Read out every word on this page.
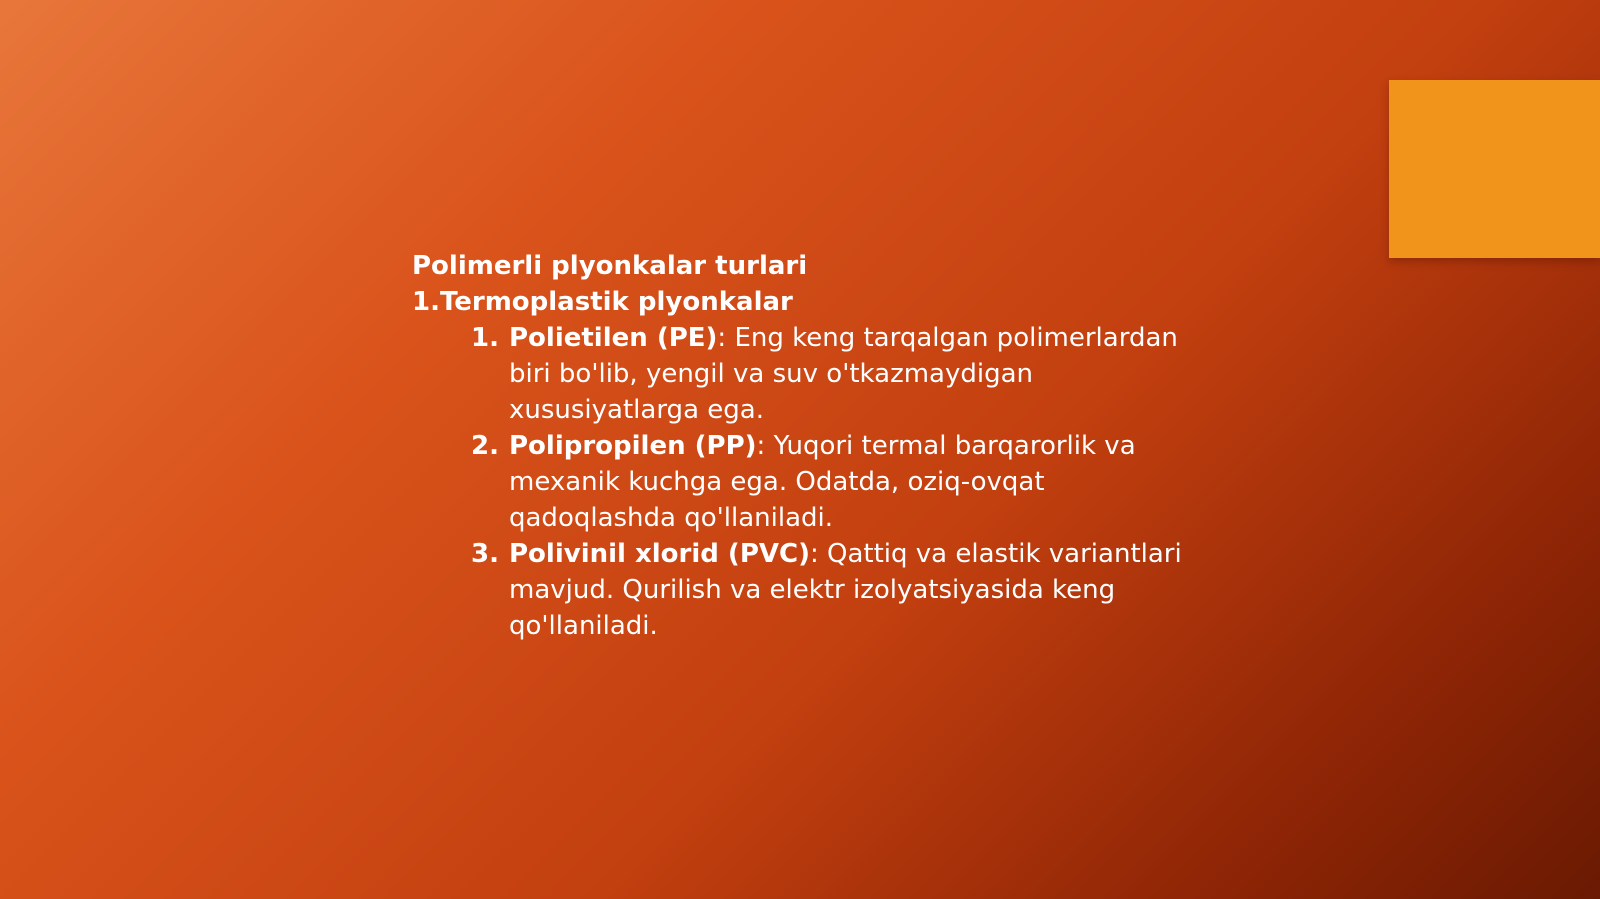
Polimerli plyonkalar turlari

1.Termoplastik plyonkalar

1. Polietilen (PE): Eng keng tarqalgan polimerlardan biri bo'lib, yengil va suv o'tkazmaydigan xususiyatlarga ega.
2. Polipropilen (PP): Yuqori termal barqarorlik va mexanik kuchga ega. Odatda, oziq-ovqat qadoqlashda qo'llaniladi.
3. Polivinil xlorid (PVC): Qattiq va elastik variantlari mavjud. Qurilish va elektr izolyatsiyasida keng qo'llaniladi.
